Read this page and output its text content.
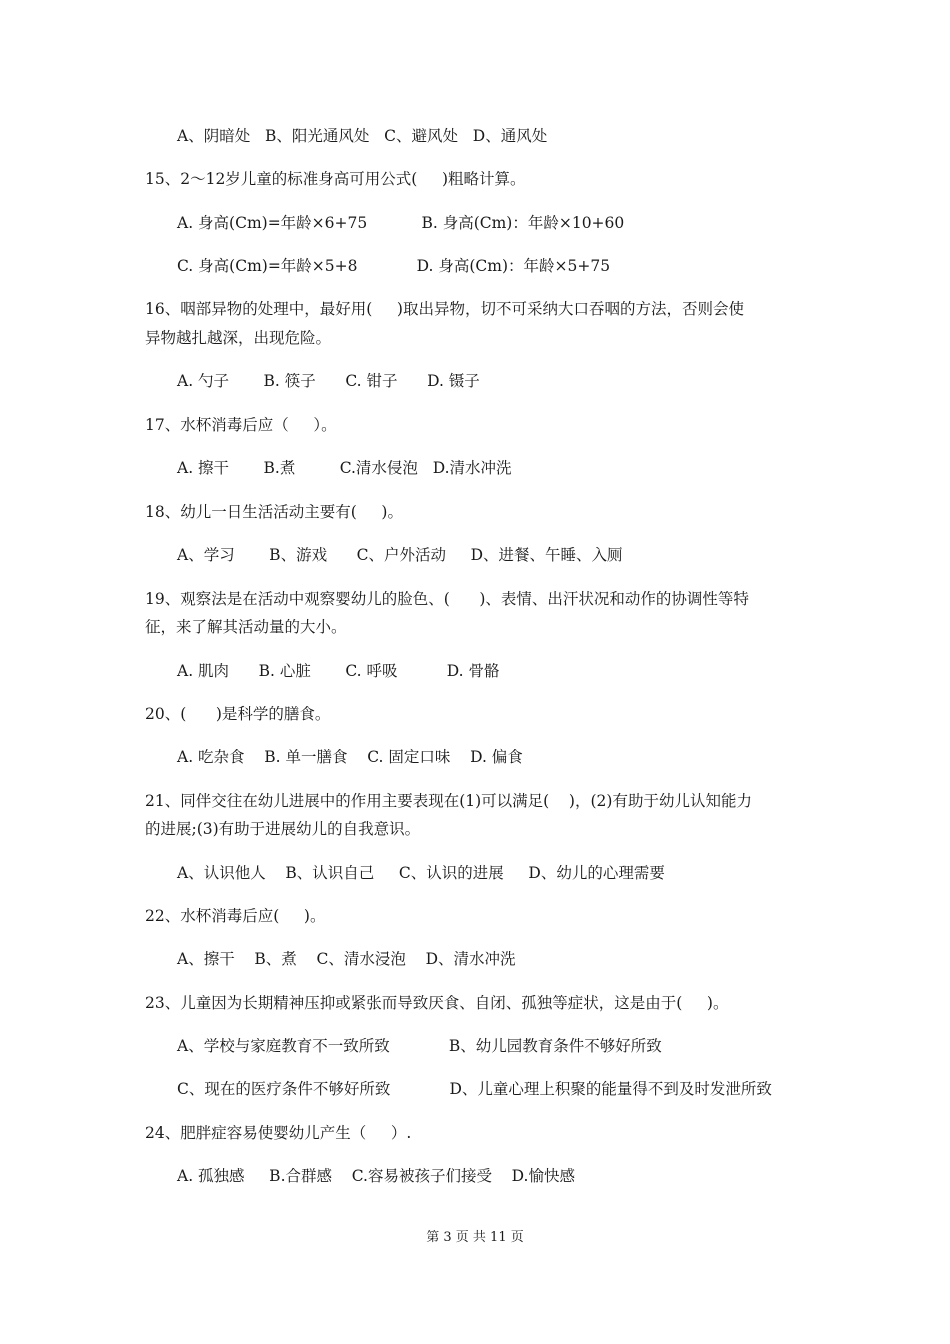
A、阴暗处   B、阳光通风处   C、避风处   D、通风处
15、2～12岁儿童的标准身高可用公式(     )粗略计算。
A. 身高(Cm)=年龄×6+75           B. 身高(Cm)：年龄×10+60
C. 身高(Cm)=年龄×5+8            D. 身高(Cm)：年龄×5+75
16、咽部异物的处理中，最好用(     )取出异物，切不可采纳大口吞咽的方法，否则会使
异物越扎越深，出现危险。
A. 勺子       B. 筷子      C. 钳子      D. 镊子
17、水杯消毒后应（     ）。
A. 擦干       B.煮         C.清水侵泡   D.清水冲洗
18、幼儿一日生活活动主要有(     )。
A、学习       B、游戏      C、户外活动     D、进餐、午睡、入厕
19、观察法是在活动中观察婴幼儿的脸色、(      )、表情、出汗状况和动作的协调性等特
征，来了解其活动量的大小。
A. 肌肉      B. 心脏       C. 呼吸          D. 骨骼
20、(      )是科学的膳食。
A. 吃杂食    B. 单一膳食    C. 固定口味    D. 偏食
21、同伴交往在幼儿进展中的作用主要表现在(1)可以满足(    )，(2)有助于幼儿认知能力
的进展;(3)有助于进展幼儿的自我意识。
A、认识他人    B、认识自己     C、认识的进展     D、幼儿的心理需要
22、水杯消毒后应(     )。
A、擦干    B、煮    C、清水浸泡    D、清水冲洗
23、儿童因为长期精神压抑或紧张而导致厌食、自闭、孤独等症状，这是由于(     )。
A、学校与家庭教育不一致所致            B、幼儿园教育条件不够好所致
C、现在的医疗条件不够好所致            D、儿童心理上积聚的能量得不到及时发泄所致
24、肥胖症容易使婴幼儿产生（     ）.
A. 孤独感     B.合群感    C.容易被孩子们接受    D.愉快感
第 3 页 共 11 页
